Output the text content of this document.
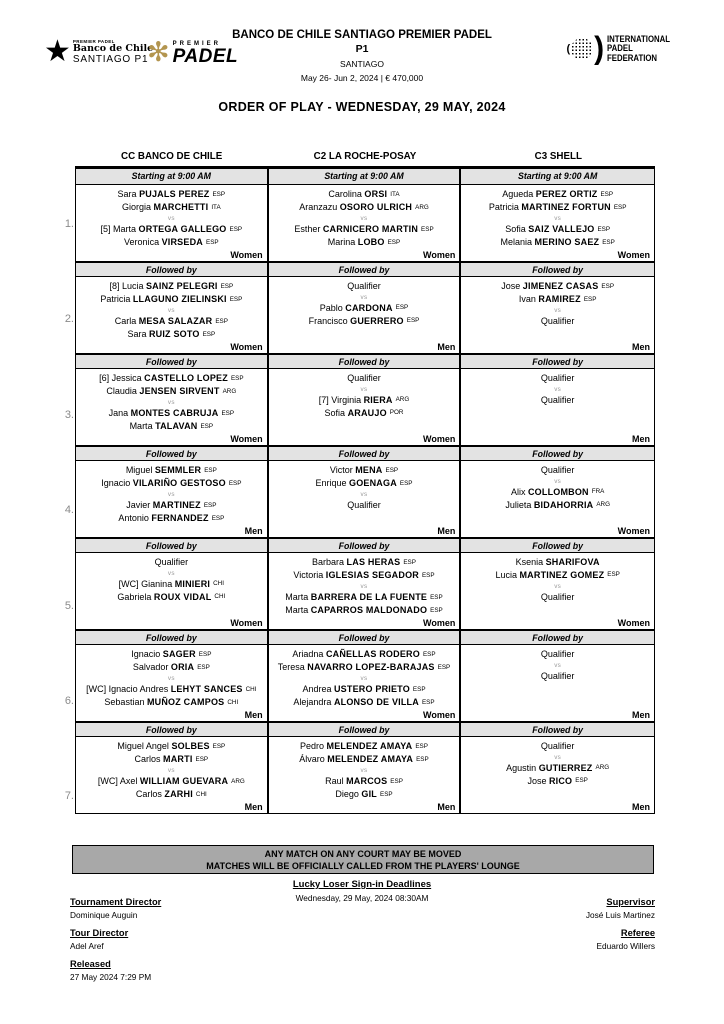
★ PREMIER PADEL
Banco de Chile
SANTIAGO P1
✻ PREMIER
PADEL
BANCO DE CHILE SANTIAGO PREMIER PADEL
P1
SANTIAGO
May 26- Jun 2, 2024 | € 470,000
( ) INTERNATIONAL
PADEL
FEDERATION
ORDER OF PLAY - WEDNESDAY, 29 MAY, 2024
1.
2.
3.
4.
5.
6.
7.
CC BANCO DE CHILE	C2 LA ROCHE-POSAY	C3 SHELL
Starting at 9:00 AM	Starting at 9:00 AM	Starting at 9:00 AM
Sara PUJALS PEREZ ESP
Giorgia MARCHETTI ITA
vs
[5] Marta ORTEGA GALLEGO ESP
Veronica VIRSEDA ESP
Women
Carolina ORSI ITA
Aranzazu OSORO ULRICH ARG
vs
Esther CARNICERO MARTIN ESP
Marina LOBO ESP
Women
Agueda PEREZ ORTIZ ESP
Patricia MARTINEZ FORTUN ESP
vs
Sofia SAIZ VALLEJO ESP
Melania MERINO SAEZ ESP
Women
Followed by	Followed by	Followed by
[8] Lucia SAINZ PELEGRI ESP
Patricia LLAGUNO ZIELINSKI ESP
vs
Carla MESA SALAZAR ESP
Sara RUIZ SOTO ESP
Women
Qualifier
vs
Pablo CARDONA ESP
Francisco GUERRERO ESP
Men
Jose JIMENEZ CASAS ESP
Ivan RAMIREZ ESP
vs
Qualifier
Men
Followed by	Followed by	Followed by
[6] Jessica CASTELLO LOPEZ ESP
Claudia JENSEN SIRVENT ARG
vs
Jana MONTES CABRUJA ESP
Marta TALAVAN ESP
Women
Qualifier
vs
[7] Virginia RIERA ARG
Sofia ARAUJO POR
Women
Qualifier
vs
Qualifier
Men
Followed by	Followed by	Followed by
Miguel SEMMLER ESP
Ignacio VILARIÑO GESTOSO ESP
vs
Javier MARTINEZ ESP
Antonio FERNANDEZ ESP
Men
Victor MENA ESP
Enrique GOENAGA ESP
vs
Qualifier
Men
Qualifier
vs
Alix COLLOMBON FRA
Julieta BIDAHORRIA ARG
Women
Followed by	Followed by	Followed by
Qualifier
vs
[WC] Gianina MINIERI CHI
Gabriela ROUX VIDAL CHI
Women
Barbara LAS HERAS ESP
Victoria IGLESIAS SEGADOR ESP
vs
Marta BARRERA DE LA FUENTE ESP
Marta CAPARROS MALDONADO ESP
Women
Ksenia SHARIFOVA
Lucia MARTINEZ GOMEZ ESP
vs
Qualifier
Women
Followed by	Followed by	Followed by
Ignacio SAGER ESP
Salvador ORIA ESP
vs
[WC] Ignacio Andres LEHYT SANCES CHI
Sebastian MUÑOZ CAMPOS CHI
Men
Ariadna CAÑELLAS RODERO ESP
Teresa NAVARRO LOPEZ-BARAJAS ESP
vs
Andrea USTERO PRIETO ESP
Alejandra ALONSO DE VILLA ESP
Women
Qualifier
vs
Qualifier
Men
Followed by	Followed by	Followed by
Miguel Angel SOLBES ESP
Carlos MARTI ESP
vs
[WC] Axel WILLIAM GUEVARA ARG
Carlos ZARHI CHI
Men
Pedro MELENDEZ AMAYA ESP
Álvaro MELENDEZ AMAYA ESP
vs
Raul MARCOS ESP
Diego GIL ESP
Men
Qualifier
vs
Agustin GUTIERREZ ARG
Jose RICO ESP
Men
ANY MATCH ON ANY COURT MAY BE MOVED
MATCHES WILL BE OFFICIALLY CALLED FROM THE PLAYERS' LOUNGE
Lucky Loser Sign-in Deadlines
Wednesday, 29 May, 2024 08:30AM
Tournament Director
Dominique Auguin
Tour Director
Adel Aref
Released
27 May 2024 7:29 PM
Supervisor
José Luis Martinez
Referee
Eduardo Willers
